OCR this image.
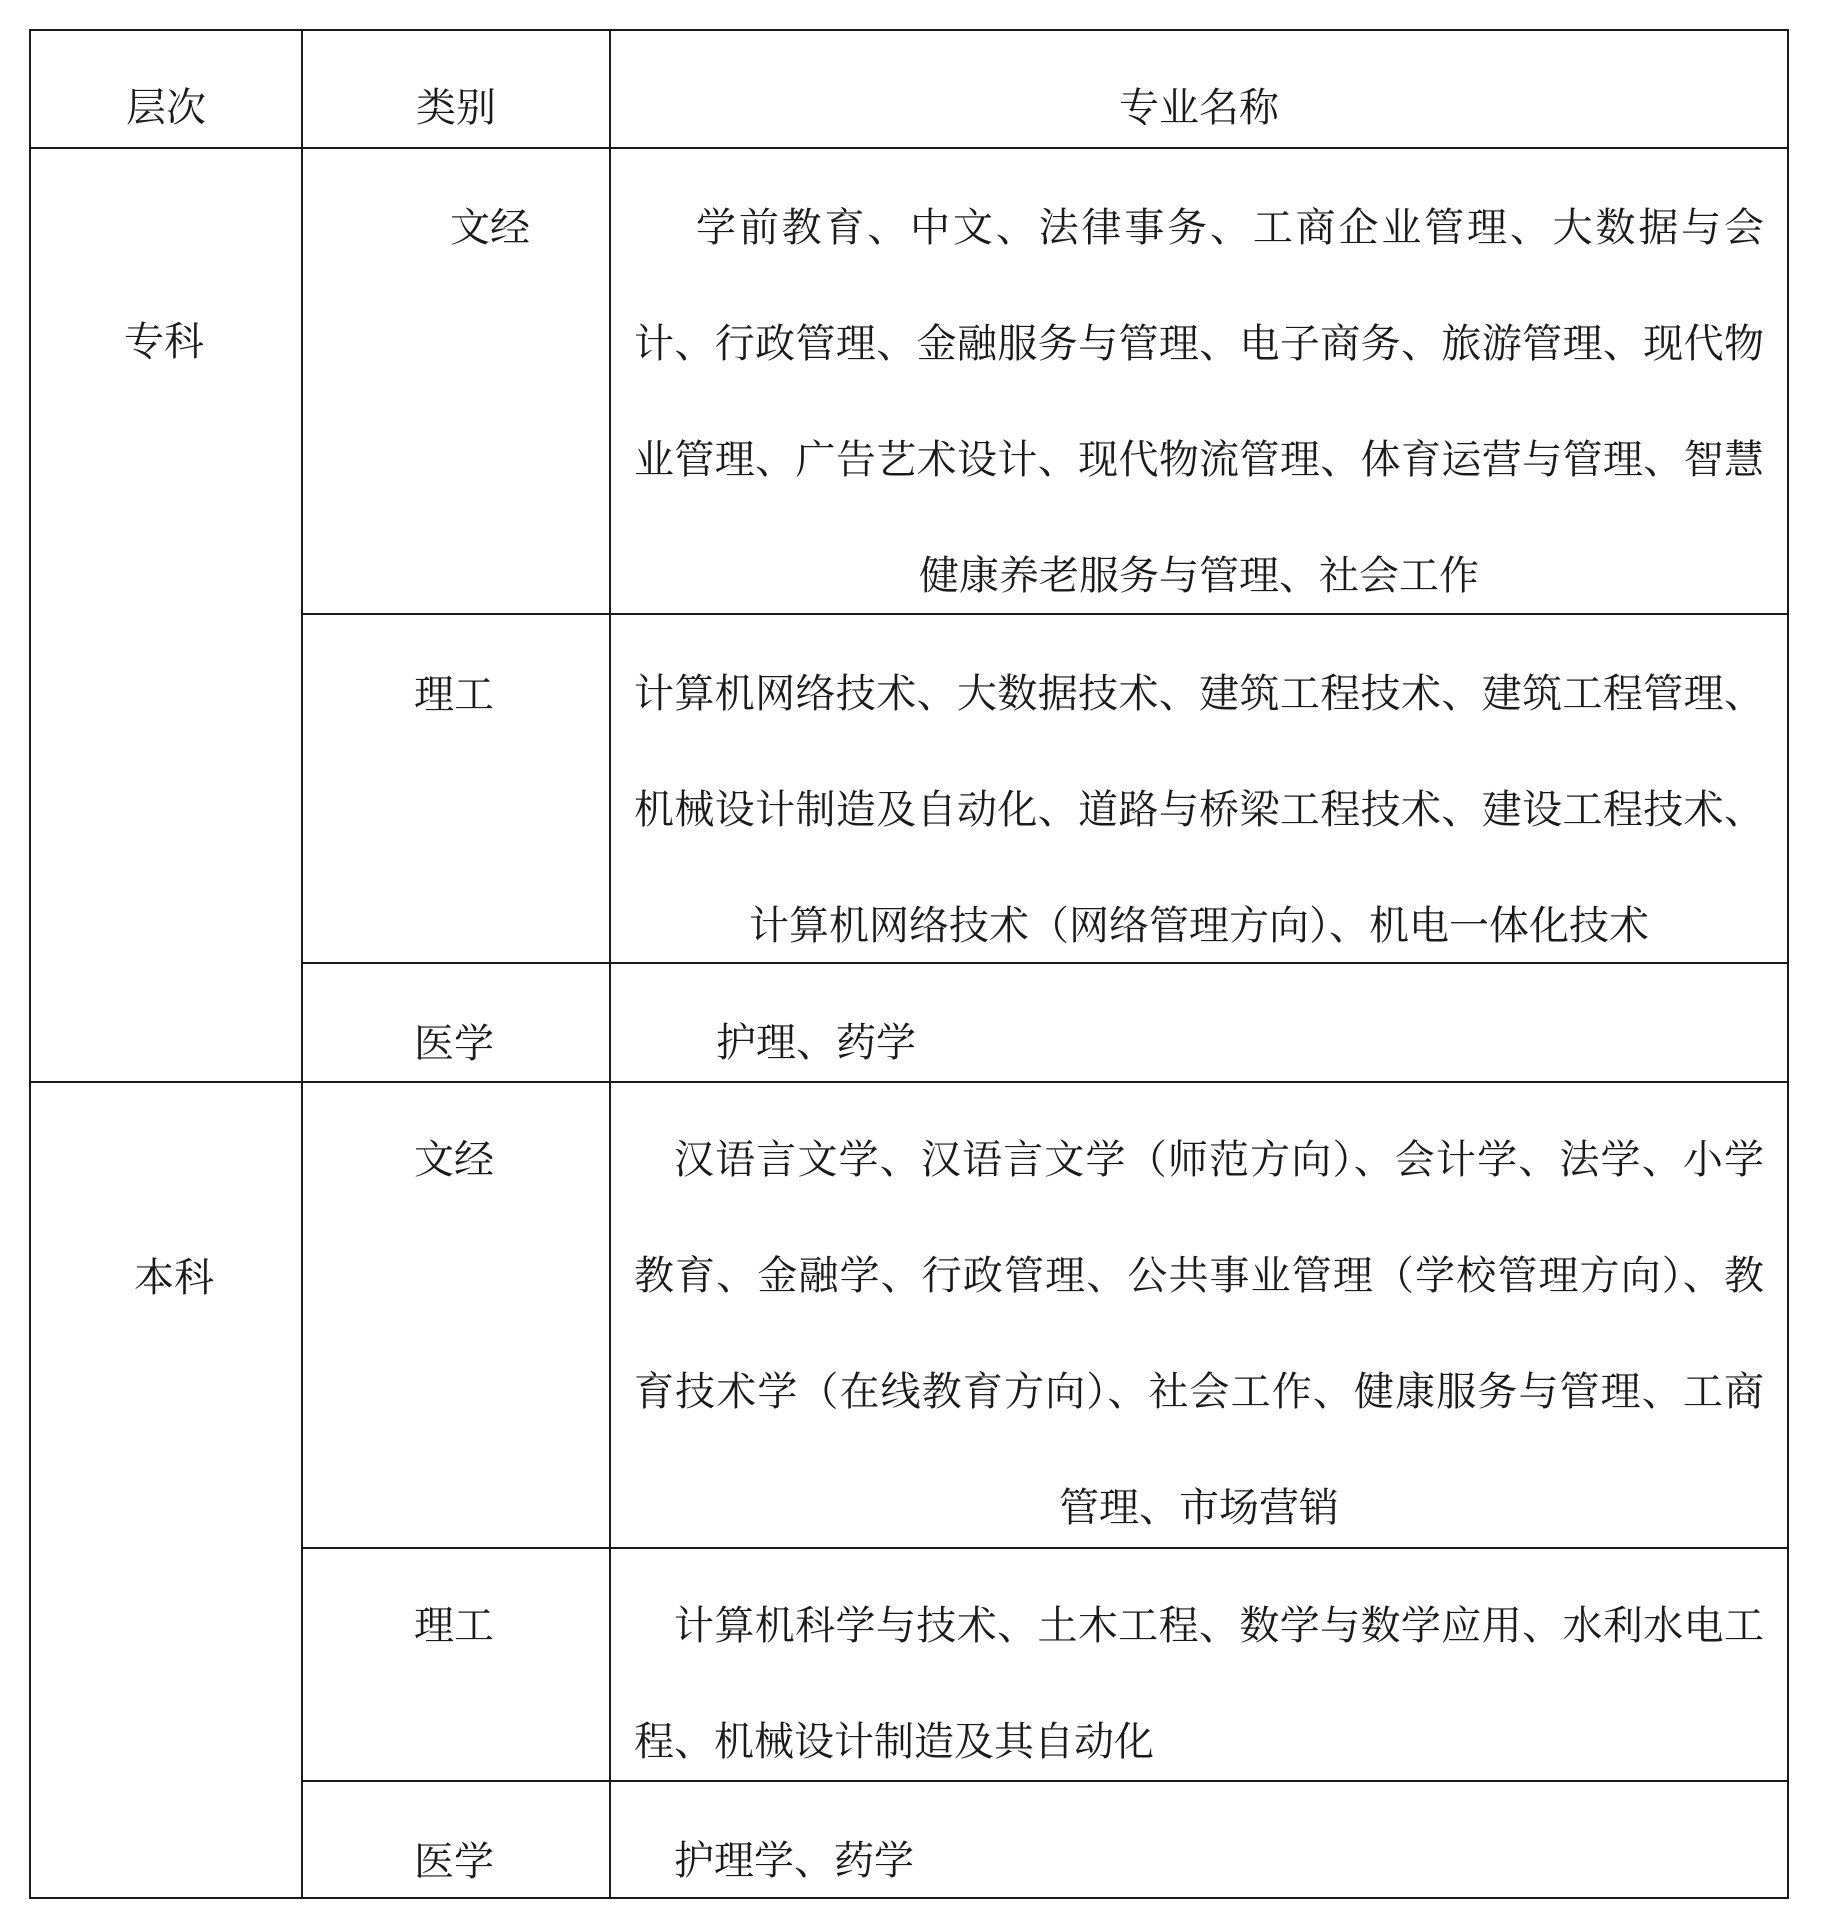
层次	类别	专业名称
专科
文经	学前教育、中文、法律事务、工商企业管理、大数据与会计、行政管理、金融服务与管理、电子商务、旅游管理、现代物业管理、广告艺术设计、现代物流管理、体育运营与管理、智慧健康养老服务与管理、社会工作
理工	计算机网络技术、大数据技术、建筑工程技术、建筑工程管理、机械设计制造及自动化、道路与桥梁工程技术、建设工程技术、计算机网络技术（网络管理方向）、机电一体化技术
医学	护理、药学
本科
文经	汉语言文学、汉语言文学（师范方向）、会计学、法学、小学教育、金融学、行政管理、公共事业管理（学校管理方向）、教育技术学（在线教育方向）、社会工作、健康服务与管理、工商管理、市场营销
理工	计算机科学与技术、土木工程、数学与数学应用、水利水电工程、机械设计制造及其自动化
医学	护理学、药学
